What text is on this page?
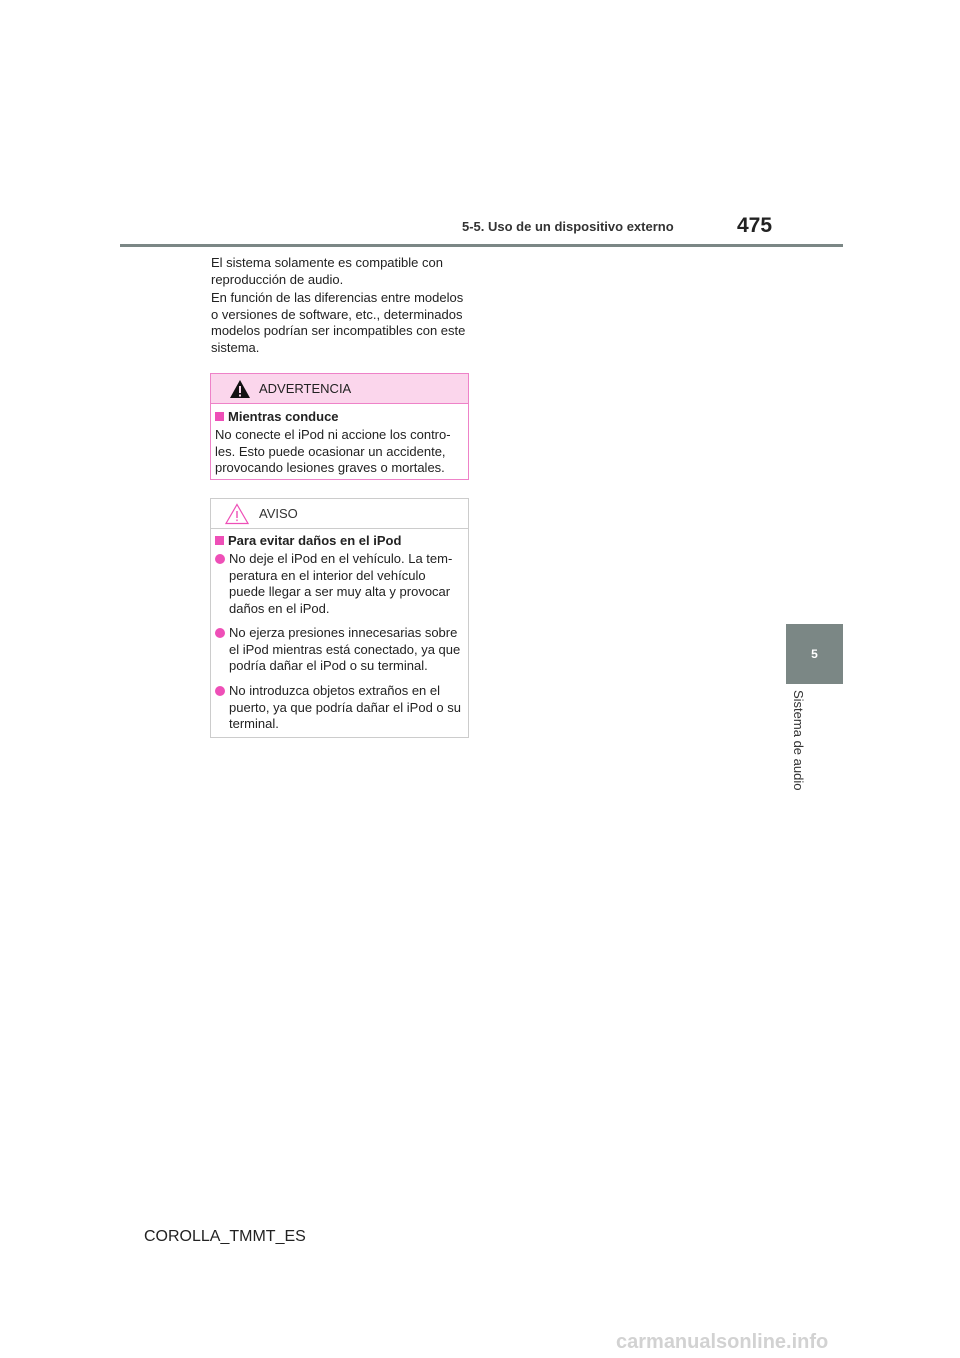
5-5. Uso de un dispositivo externo	475
5
Sistema de audio

El sistema solamente es compatible con reproducción de audio.

En función de las diferencias entre modelos o versiones de software, etc., determinados modelos podrían ser incompatibles con este sistema.

ADVERTENCIA
Mientras conduce

No conecte el iPod ni accione los contro-les. Esto puede ocasionar un accidente, provocando lesiones graves o mortales.

AVISO
Para evitar daños en el iPod

No deje el iPod en el vehículo. La tem-peratura en el interior del vehículo puede llegar a ser muy alta y provocar daños en el iPod.

No ejerza presiones innecesarias sobre el iPod mientras está conectado, ya que podría dañar el iPod o su terminal.

No introduzca objetos extraños en el puerto, ya que podría dañar el iPod o su terminal.

COROLLA_TMMT_ES
carmanualsonline.info
